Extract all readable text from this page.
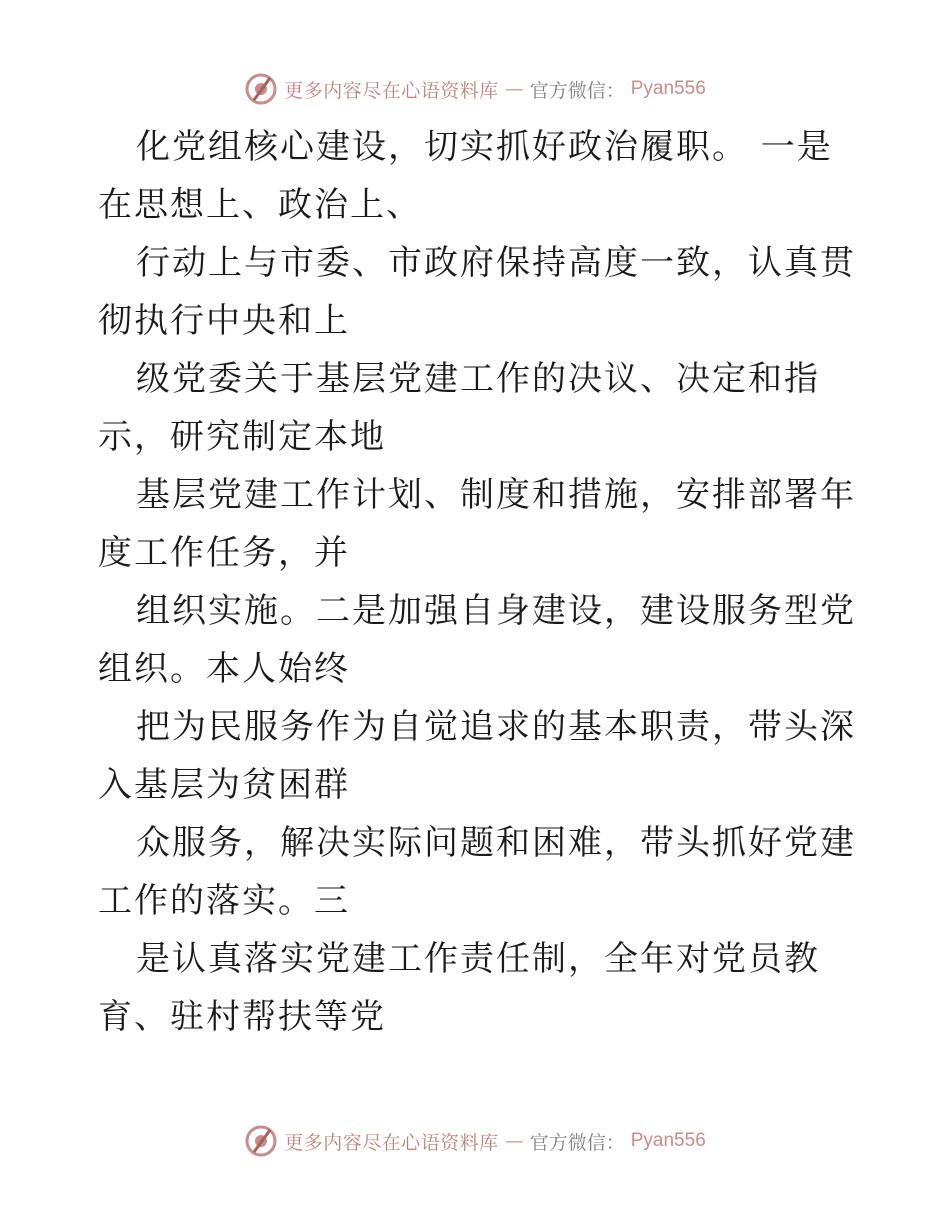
更多内容尽在心语资料库 — 官方微信： Pyan556

化党组核心建设，切实抓好政治履职。 一是在思想上、政治上、

行动上与市委、市政府保持高度一致，认真贯彻执行中央和上

级党委关于基层党建工作的决议、决定和指示，研究制定本地

基层党建工作计划、制度和措施，安排部署年度工作任务，并

组织实施。二是加强自身建设，建设服务型党组织。本人始终

把为民服务作为自觉追求的基本职责，带头深入基层为贫困群

众服务，解决实际问题和困难，带头抓好党建工作的落实。三

是认真落实党建工作责任制，全年对党员教育、驻村帮扶等党

更多内容尽在心语资料库 — 官方微信： Pyan556
